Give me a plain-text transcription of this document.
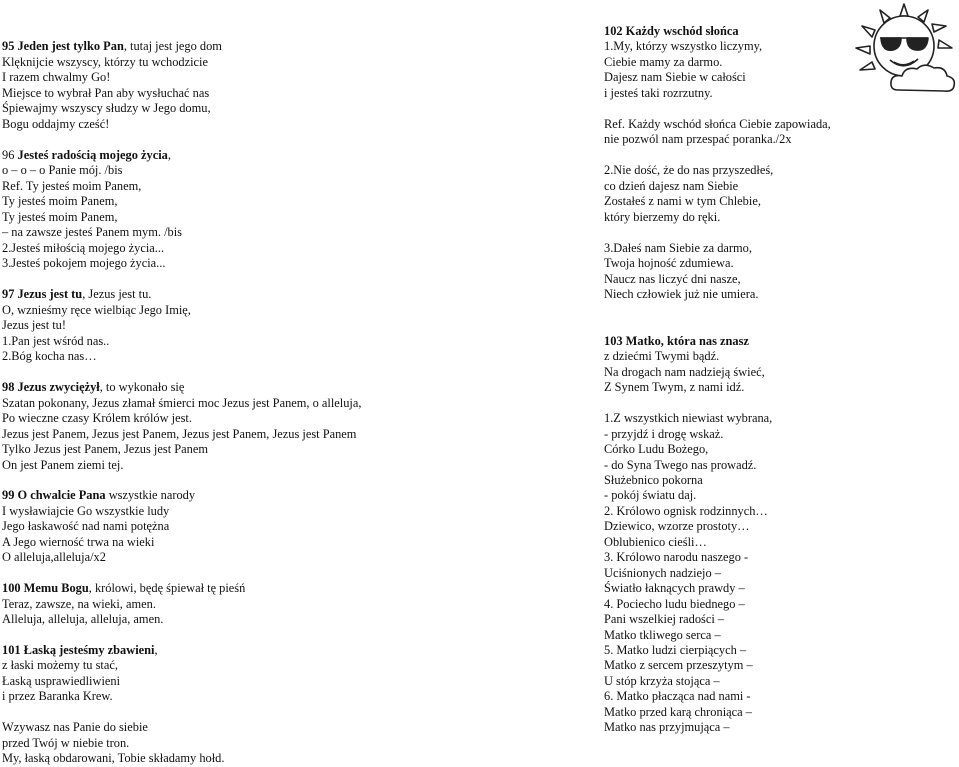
95 Jeden jest tylko Pan, tutaj jest jego dom
Klęknijcie wszyscy, którzy tu wchodzicie
I razem chwalmy Go!
Miejsce to wybrał Pan aby wysłuchać nas
Śpiewajmy wszyscy słudzy w Jego domu,
Bogu oddajmy cześć!
96 Jesteś radością mojego życia,
o – o – o Panie mój. /bis
Ref. Ty jesteś moim Panem,
Ty jesteś moim Panem,
Ty jesteś moim Panem,
– na zawsze jesteś Panem mym. /bis
2.Jesteś miłością mojego życia...
3.Jesteś pokojem mojego życia...
97 Jezus jest tu, Jezus jest tu.
O, wznieśmy ręce wielbiąc Jego Imię,
Jezus jest tu!
1.Pan jest wśród nas..
2.Bóg kocha nas…
98 Jezus zwyciężył, to wykonało się
Szatan pokonany, Jezus złamał śmierci moc Jezus jest Panem, o alleluja,
Po wieczne czasy Królem królów jest.
Jezus jest Panem, Jezus jest Panem, Jezus jest Panem, Jezus jest Panem
Tylko Jezus jest Panem, Jezus jest Panem
On jest Panem ziemi tej.
99 O chwalcie Pana wszystkie narody
I wysławiajcie Go wszystkie ludy
Jego łaskawość nad nami potężna
A Jego wierność trwa na wieki
O alleluja,alleluja/x2
100 Memu Bogu, królowi, będę śpiewał tę pieśń
Teraz, zawsze, na wieki, amen.
Alleluja, alleluja, alleluja, amen.
101 Łaską jesteśmy zbawieni,
z łaski możemy tu stać,
Łaską usprawiedliwieni
i przez Baranka Krew.
Wzywasz nas Panie do siebie
przed Twój w niebie tron.
My, łaską obdarowani, Tobie składamy hołd.
102 Każdy wschód słońca
1.My, którzy wszystko liczymy,
Ciebie mamy za darmo.
Dajesz nam Siebie w całości
i jesteś taki rozrzutny.
Ref. Każdy wschód słońca Ciebie zapowiada,
nie pozwól nam przespać poranka./2x
2.Nie dość, że do nas przyszedłeś,
co dzień dajesz nam Siebie
Zostałeś z nami w tym Chlebie,
który bierzemy do ręki.
3.Dałeś nam Siebie za darmo,
Twoja hojność zdumiewa.
Naucz nas liczyć dni nasze,
Niech człowiek już nie umiera.
103 Matko, która nas znasz
z dziećmi Twymi bądź.
Na drogach nam nadzieją świeć,
Z Synem Twym, z nami idź.
1.Z wszystkich niewiast wybrana,
- przyjdź i drogę wskaż.
Córko Ludu Bożego,
- do Syna Twego nas prowadź.
Służebnico pokorna
- pokój światu daj.
2. Królowo ognisk rodzinnych…
Dziewico, wzorze prostoty…
Oblubienico cieśli…
3. Królowo narodu naszego -
Uciśnionych nadziejo –
Światło łaknących prawdy –
4. Pociecho ludu biednego –
Pani wszelkiej radości –
Matko tkliwego serca –
5. Matko ludzi cierpiących –
Matko z sercem przeszytym –
U stóp krzyża stojąca –
6. Matko płacząca nad nami -
Matko przed karą chroniąca –
Matko nas przyjmująca –
